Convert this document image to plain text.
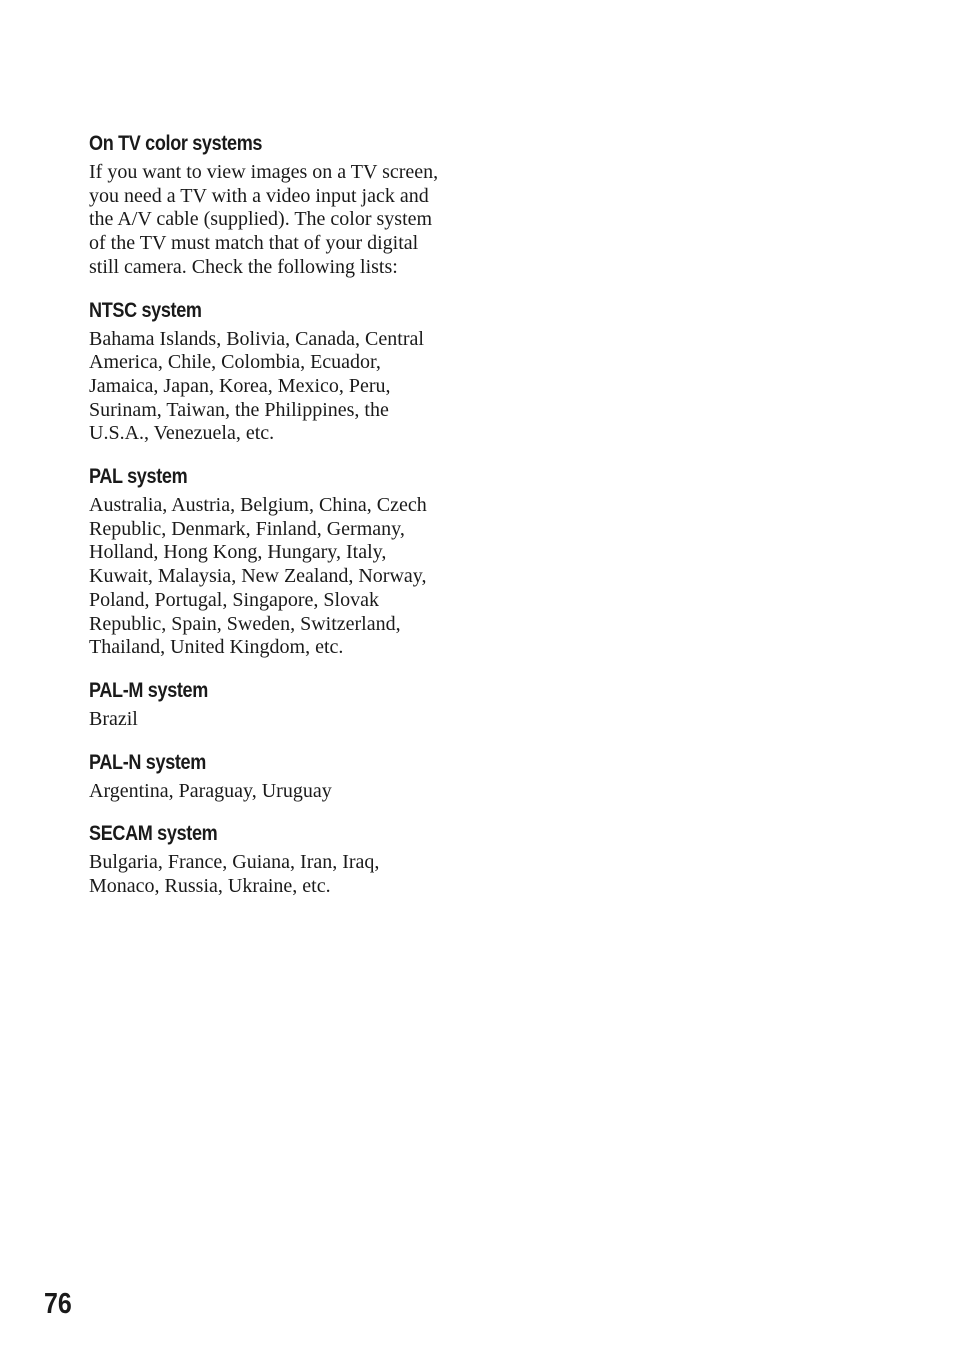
On TV color systems

If you want to view images on a TV screen,
you need a TV with a video input jack and
the A/V cable (supplied). The color system
of the TV must match that of your digital
still camera. Check the following lists:

NTSC system

Bahama Islands, Bolivia, Canada, Central
America, Chile, Colombia, Ecuador,
Jamaica, Japan, Korea, Mexico, Peru,
Surinam, Taiwan, the Philippines, the
U.S.A., Venezuela, etc.

PAL system

Australia, Austria, Belgium, China, Czech
Republic, Denmark, Finland, Germany,
Holland, Hong Kong, Hungary, Italy,
Kuwait, Malaysia, New Zealand, Norway,
Poland, Portugal, Singapore, Slovak
Republic, Spain, Sweden, Switzerland,
Thailand, United Kingdom, etc.

PAL-M system

Brazil

PAL-N system

Argentina, Paraguay, Uruguay

SECAM system

Bulgaria, France, Guiana, Iran, Iraq,
Monaco, Russia, Ukraine, etc.

76
